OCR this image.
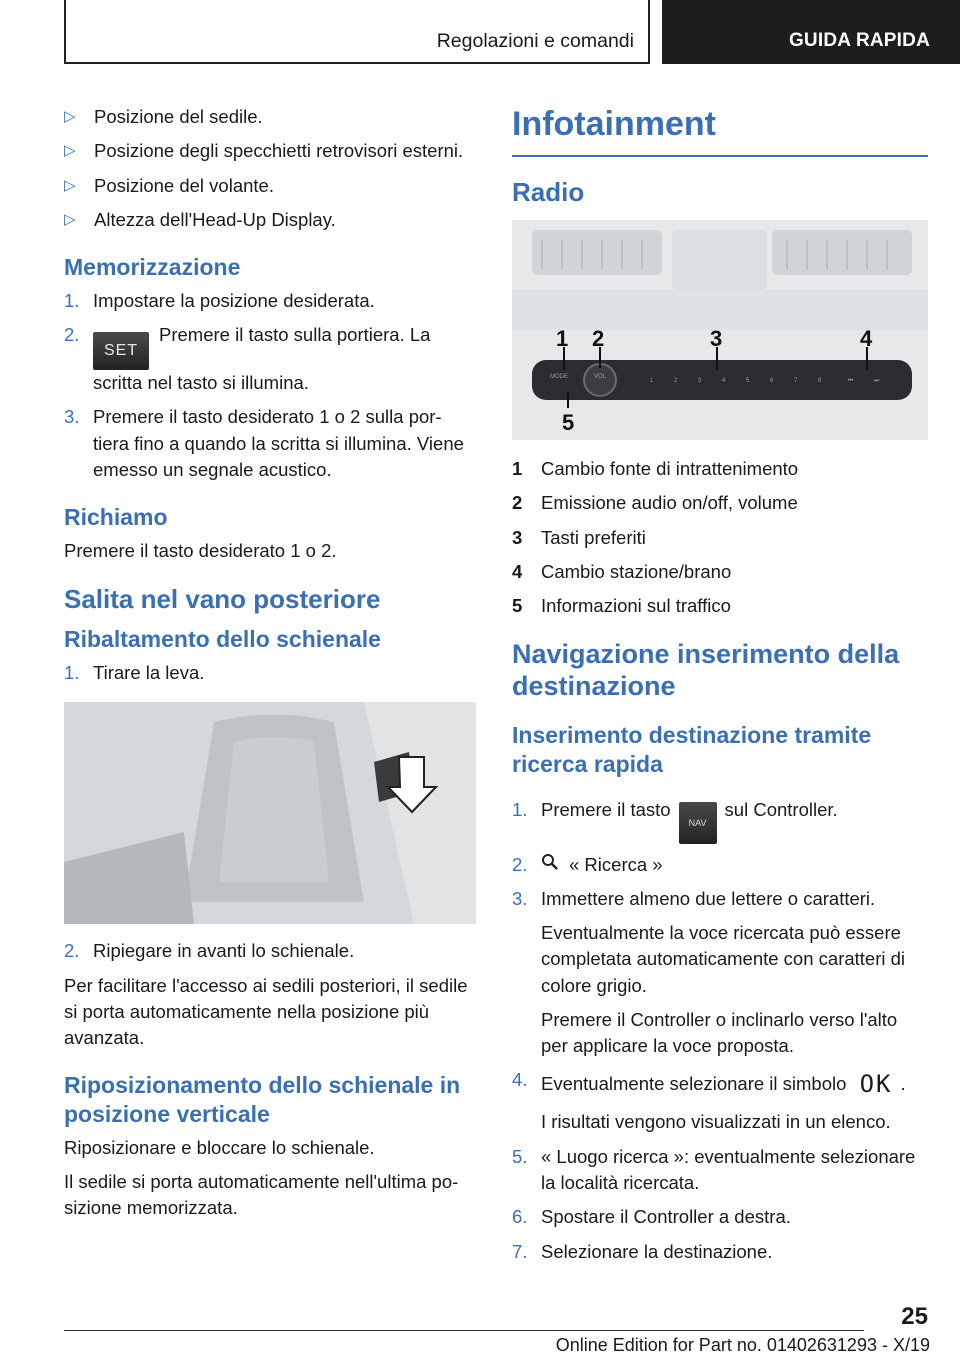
Regolazioni e comandi	GUIDA RAPIDA
▷ Posizione del sedile.
▷ Posizione degli specchietti retrovisori esterni.
▷ Posizione del volante.
▷ Altezza dell'Head-Up Display.
Memorizzazione
1. Impostare la posizione desiderata.
2.
SETPremere il tasto sulla portiera. La scritta nel tasto si illumina.
3. Premere il tasto desiderato 1 o 2 sulla por‐tiera fino a quando la scritta si illumina. Viene emesso un segnale acustico.
Richiamo

Premere il tasto desiderato 1 o 2.

Salita nel vano posteriore
Ribaltamento dello schienale
1. Tirare la leva.
2. Ripiegare in avanti lo schienale.

Per facilitare l'accesso ai sedili posteriori, il sedile si porta automaticamente nella posizione più avanzata.

Riposizionamento dello schienale in posizione verticale

Riposizionare e bloccare lo schienale.

Il sedile si porta automaticamente nell'ultima po‐sizione memorizzata.

Infotainment
Radio
MODE	VOL
1	2	3	4	5	6	7	8	⏮	⏭
1 2	3	4
5
1	Cambio fonte di intrattenimento
2	Emissione audio on/off, volume
3	Tasti preferiti
4	Cambio stazione/brano
5	Informazioni sul traffico
Navigazione inserimento della destinazione
Inserimento destinazione tramite ricerca rapida
1. Premere il tastoNAVsul Controller.
2.	« Ricerca »
3. Immettere almeno due lettere o caratteri.

Eventualmente la voce ricercata può essere completata automaticamente con caratteri di colore grigio.

Premere il Controller o inclinarlo verso l'alto per applicare la voce proposta.

4. Eventualmente selezionare il simbolo OK .

I risultati vengono visualizzati in un elenco.

5. « Luogo ricerca »: eventualmente selezionare la località ricercata.
6. Spostare il Controller a destra.
7. Selezionare la destinazione.
25
Online Edition for Part no. 01402631293 - X/19
